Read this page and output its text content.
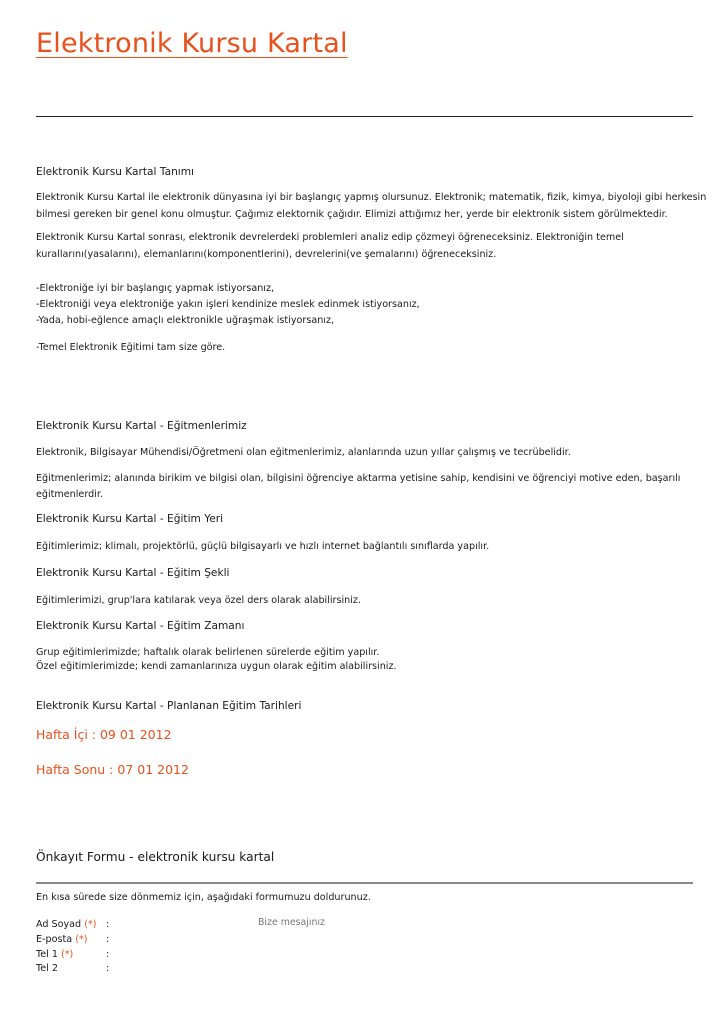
Elektronik Kursu Kartal

Elektronik Kursu Kartal Tanımı

Elektronik Kursu Kartal ile elektronik dünyasına iyi bir başlangıç yapmış olursunuz. Elektronik; matematik, fizik, kimya, biyoloji gibi herkesin

bilmesi gereken bir genel konu olmuştur. Çağımız elektornik çağıdır. Elimizi attığımız her, yerde bir elektronik sistem görülmektedir.

Elektronik Kursu Kartal sonrası, elektronik devrelerdeki problemleri analiz edip çözmeyi öğreneceksiniz. Elektroniğin temel

kurallarını(yasalarını), elemanlarını(komponentlerini), devrelerini(ve şemalarını) öğreneceksiniz.

-Elektroniğe iyi bir başlangıç yapmak istiyorsanız,

-Elektroniği veya elektroniğe yakın işleri kendinize meslek edinmek istiyorsanız,

-Yada, hobi-eğlence amaçlı elektronikle uğraşmak istiyorsanız,

-Temel Elektronik Eğitimi tam size göre.

Elektronik Kursu Kartal - Eğitmenlerimiz

Elektronik, Bilgisayar Mühendisi/Öğretmeni olan eğitmenlerimiz, alanlarında uzun yıllar çalışmış ve tecrübelidir.

Eğitmenlerimiz; alanında birikim ve bilgisi olan, bilgisini öğrenciye aktarma yetisine sahip, kendisini ve öğrenciyi motive eden, başarılı

eğitmenlerdir.

Elektronik Kursu Kartal - Eğitim Yeri

Eğitimlerimiz; klimalı, projektörlü, güçlü bilgisayarlı ve hızlı internet bağlantılı sınıflarda yapılır.

Elektronik Kursu Kartal - Eğitim Şekli

Eğitimlerimizi, grup'lara katılarak veya özel ders olarak alabilirsiniz.

Elektronik Kursu Kartal - Eğitim Zamanı

Grup eğitimlerimizde; haftalık olarak belirlenen sürelerde eğitim yapılır.

Özel eğitimlerimizde; kendi zamanlarınıza uygun olarak eğitim alabilirsiniz.

Elektronik Kursu Kartal - Planlanan Eğitim Tarihleri

Hafta İçi : 09 01 2012

Hafta Sonu : 07 01 2012

Önkayıt Formu - elektronik kursu kartal

En kısa sürede size dönmemiz için, aşağıdaki formumuzu doldurunuz.

Ad Soyad (*) :
E-posta (*) :
Tel 1 (*)	:
Tel 2	:
Bize mesajınız
